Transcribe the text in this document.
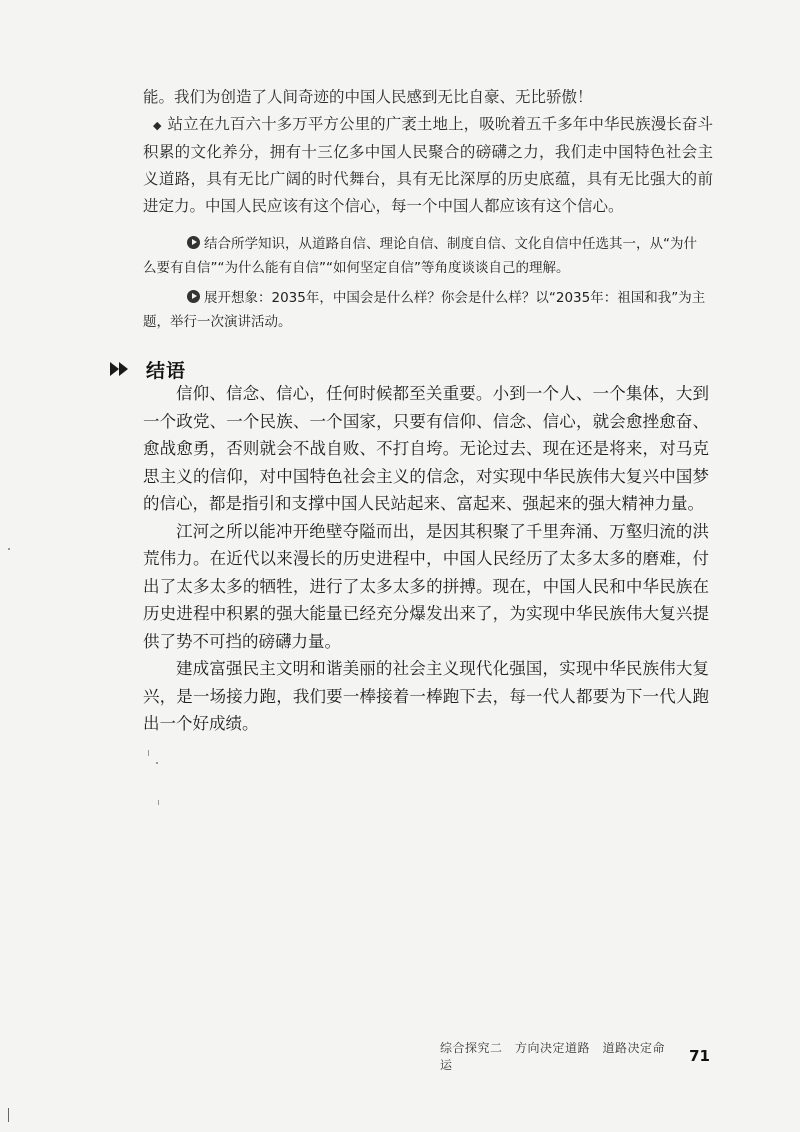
能。我们为创造了人间奇迹的中国人民感到无比自豪、无比骄傲！

◆ 站立在九百六十多万平方公里的广袤土地上，吸吮着五千多年中华民族漫长奋斗积累的文化养分，拥有十三亿多中国人民聚合的磅礴之力，我们走中国特色社会主义道路，具有无比广阔的时代舞台，具有无比深厚的历史底蕴，具有无比强大的前进定力。中国人民应该有这个信心，每一个中国人都应该有这个信心。

结合所学知识，从道路自信、理论自信、制度自信、文化自信中任选其一，从“为什么要有自信”“为什么能有自信”“如何坚定自信”等角度谈谈自己的理解。

展开想象：2035年，中国会是什么样？你会是什么样？以“2035年：祖国和我”为主题，举行一次演讲活动。

结语

信仰、信念、信心，任何时候都至关重要。小到一个人、一个集体，大到一个政党、一个民族、一个国家，只要有信仰、信念、信心，就会愈挫愈奋、愈战愈勇，否则就会不战自败、不打自垮。无论过去、现在还是将来，对马克思主义的信仰，对中国特色社会主义的信念，对实现中华民族伟大复兴中国梦的信心，都是指引和支撑中国人民站起来、富起来、强起来的强大精神力量。

江河之所以能冲开绝壁夺隘而出，是因其积聚了千里奔涌、万壑归流的洪荒伟力。在近代以来漫长的历史进程中，中国人民经历了太多太多的磨难，付出了太多太多的牺牲，进行了太多太多的拼搏。现在，中国人民和中华民族在历史进程中积累的强大能量已经充分爆发出来了，为实现中华民族伟大复兴提供了势不可挡的磅礴力量。

建成富强民主文明和谐美丽的社会主义现代化强国，实现中华民族伟大复兴，是一场接力跑，我们要一棒接着一棒跑下去，每一代人都要为下一代人跑出一个好成绩。

综合探究二　方向决定道路　道路决定命运	71
